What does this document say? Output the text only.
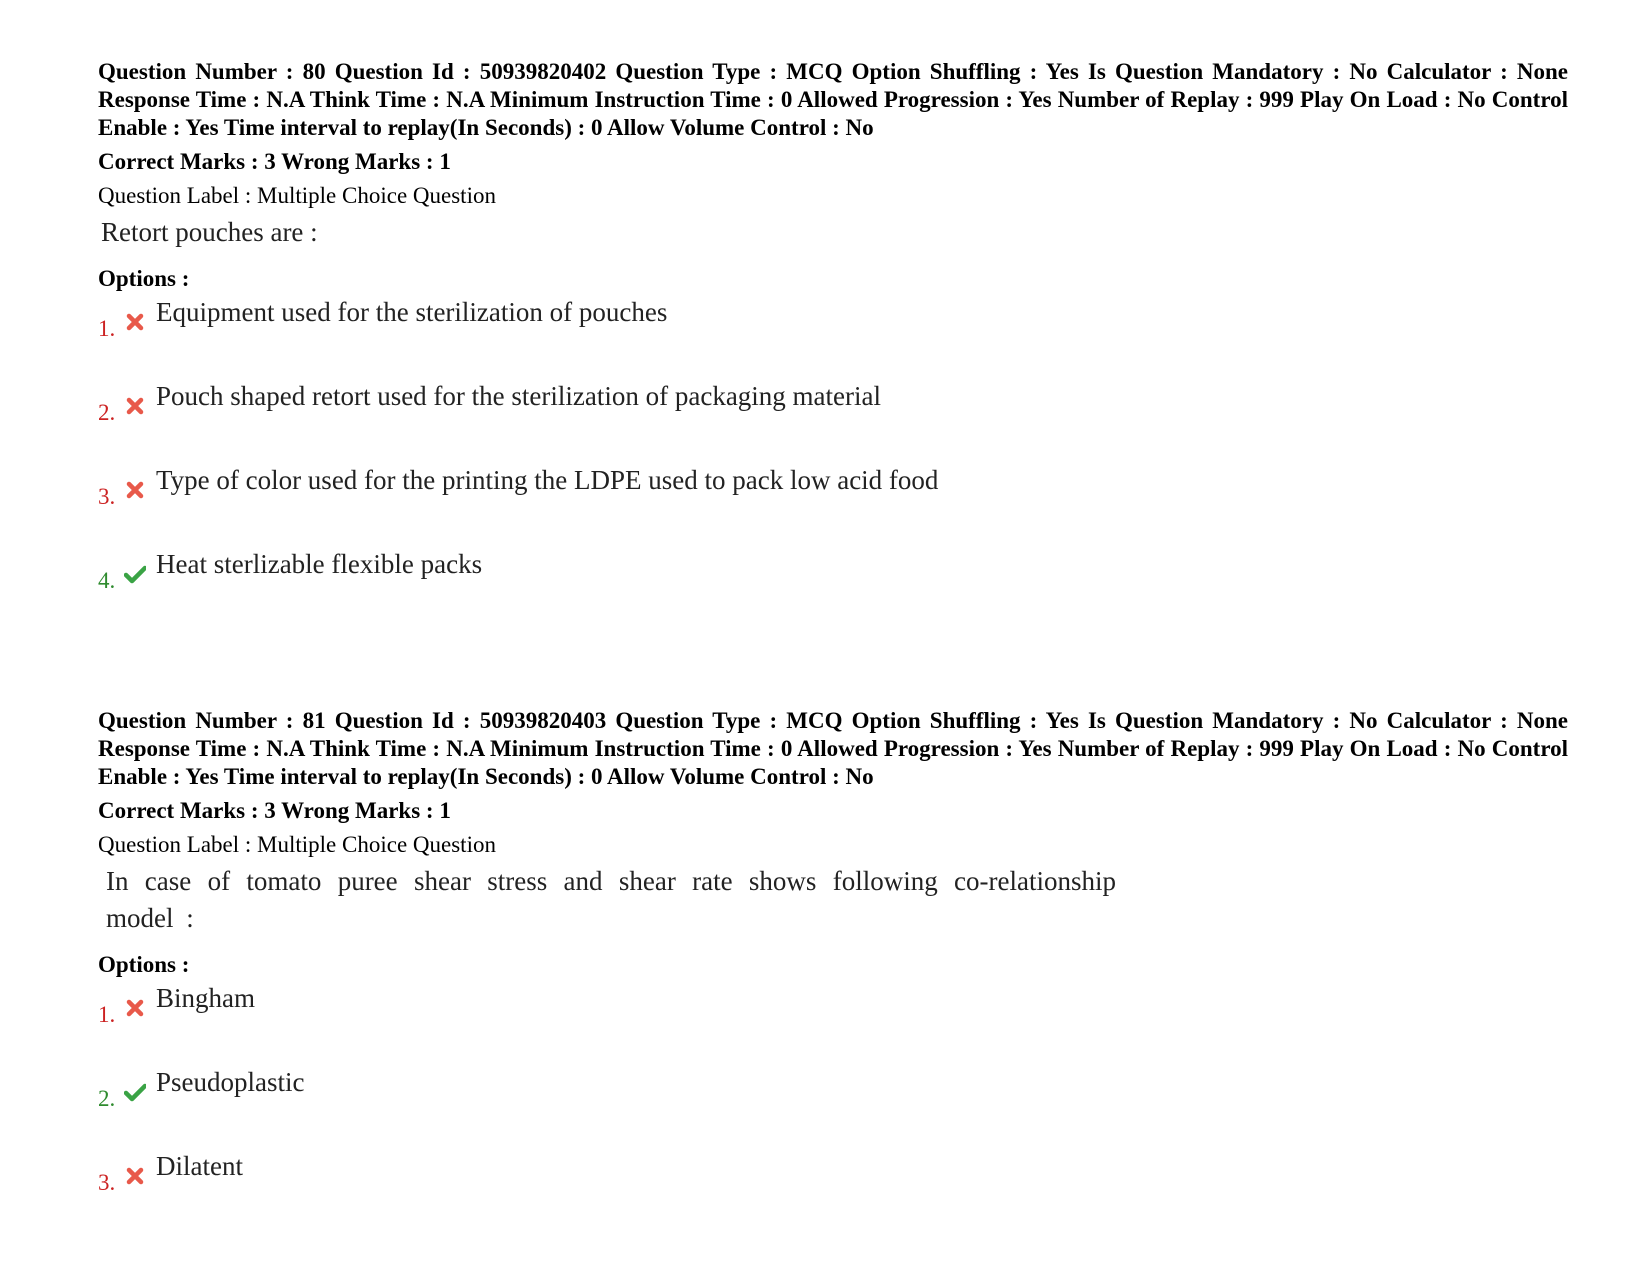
Question Number : 80 Question Id : 50939820402 Question Type : MCQ Option Shuffling : Yes Is Question Mandatory : No Calculator : None Response Time : N.A Think Time : N.A Minimum Instruction Time : 0 Allowed Progression : Yes Number of Replay : 999 Play On Load : No Control Enable : Yes Time interval to replay(In Seconds) : 0 Allow Volume Control : No

Correct Marks : 3 Wrong Marks : 1
Question Label : Multiple Choice Question
Retort pouches are :
Options :
1.
Equipment used for the sterilization of pouches
2.
Pouch shaped retort used for the sterilization of packaging material
3.
Type of color used for the printing the LDPE used to pack low acid food
4.
Heat sterlizable flexible packs

Question Number : 81 Question Id : 50939820403 Question Type : MCQ Option Shuffling : Yes Is Question Mandatory : No Calculator : None Response Time : N.A Think Time : N.A Minimum Instruction Time : 0 Allowed Progression : Yes Number of Replay : 999 Play On Load : No Control Enable : Yes Time interval to replay(In Seconds) : 0 Allow Volume Control : No

Correct Marks : 3 Wrong Marks : 1
Question Label : Multiple Choice Question
In case of tomato puree shear stress and shear rate shows following co-relationship model :
Options :
1.
Bingham
2.
Pseudoplastic
3.
Dilatent
